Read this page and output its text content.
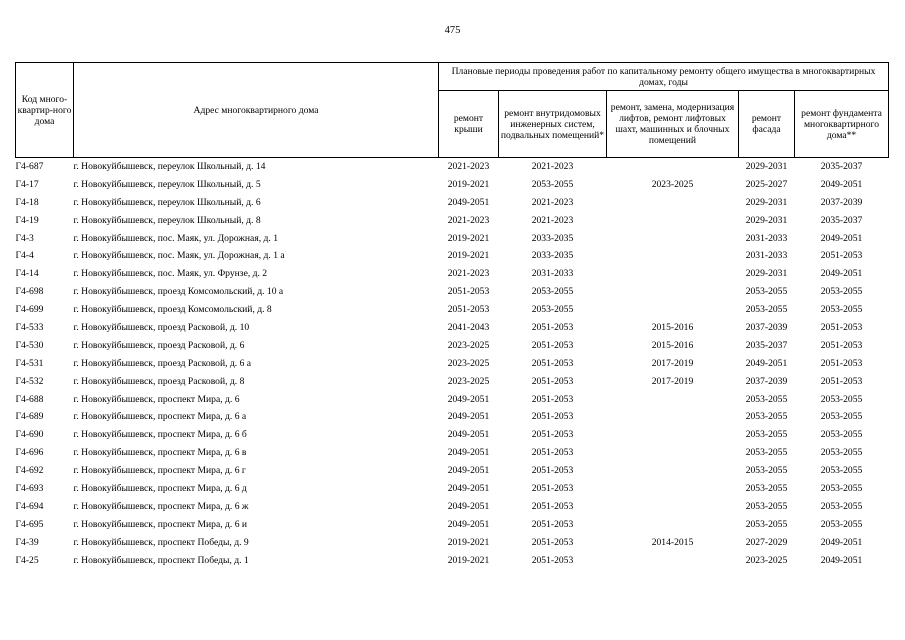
475
Код много-квартир-ного дома	Адрес многоквартирного дома	Плановые периоды проведения работ по капитальному ремонту общего имущества в многоквартирных домах, годы				
		ремонт крыши	ремонт внутридомовых инженерных систем, подвальных помещений*	ремонт, замена, модернизация лифтов, ремонт лифтовых шахт, машинных и блочных помещений	ремонт фасада	ремонт фундамента многоквартирного дома**
Г4-687	г. Новокуйбышевск, переулок Школьный, д. 14	2021-2023	2021-2023		2029-2031	2035-2037
Г4-17	г. Новокуйбышевск, переулок Школьный, д. 5	2019-2021	2053-2055	2023-2025	2025-2027	2049-2051
Г4-18	г. Новокуйбышевск, переулок Школьный, д. 6	2049-2051	2021-2023		2029-2031	2037-2039
Г4-19	г. Новокуйбышевск, переулок Школьный, д. 8	2021-2023	2021-2023		2029-2031	2035-2037
Г4-3	г. Новокуйбышевск, пос. Маяк, ул. Дорожная, д. 1	2019-2021	2033-2035		2031-2033	2049-2051
Г4-4	г. Новокуйбышевск, пос. Маяк, ул. Дорожная, д. 1 а	2019-2021	2033-2035		2031-2033	2051-2053
Г4-14	г. Новокуйбышевск, пос. Маяк, ул. Фрунзе, д. 2	2021-2023	2031-2033		2029-2031	2049-2051
Г4-698	г. Новокуйбышевск, проезд Комсомольский, д. 10 а	2051-2053	2053-2055		2053-2055	2053-2055
Г4-699	г. Новокуйбышевск, проезд Комсомольский, д. 8	2051-2053	2053-2055		2053-2055	2053-2055
Г4-533	г. Новокуйбышевск, проезд Расковой, д. 10	2041-2043	2051-2053	2015-2016	2037-2039	2051-2053
Г4-530	г. Новокуйбышевск, проезд Расковой, д. 6	2023-2025	2051-2053	2015-2016	2035-2037	2051-2053
Г4-531	г. Новокуйбышевск, проезд Расковой, д. 6 а	2023-2025	2051-2053	2017-2019	2049-2051	2051-2053
Г4-532	г. Новокуйбышевск, проезд Расковой, д. 8	2023-2025	2051-2053	2017-2019	2037-2039	2051-2053
Г4-688	г. Новокуйбышевск, проспект Мира, д. 6	2049-2051	2051-2053		2053-2055	2053-2055
Г4-689	г. Новокуйбышевск, проспект Мира, д. 6 а	2049-2051	2051-2053		2053-2055	2053-2055
Г4-690	г. Новокуйбышевск, проспект Мира, д. 6 б	2049-2051	2051-2053		2053-2055	2053-2055
Г4-696	г. Новокуйбышевск, проспект Мира, д. 6 в	2049-2051	2051-2053		2053-2055	2053-2055
Г4-692	г. Новокуйбышевск, проспект Мира, д. 6 г	2049-2051	2051-2053		2053-2055	2053-2055
Г4-693	г. Новокуйбышевск, проспект Мира, д. 6 д	2049-2051	2051-2053		2053-2055	2053-2055
Г4-694	г. Новокуйбышевск, проспект Мира, д. 6 ж	2049-2051	2051-2053		2053-2055	2053-2055
Г4-695	г. Новокуйбышевск, проспект Мира, д. 6 и	2049-2051	2051-2053		2053-2055	2053-2055
Г4-39	г. Новокуйбышевск, проспект Победы, д. 9	2019-2021	2051-2053	2014-2015	2027-2029	2049-2051
Г4-25	г. Новокуйбышевск, проспект Победы, д. 1	2019-2021	2051-2053		2023-2025	2049-2051
